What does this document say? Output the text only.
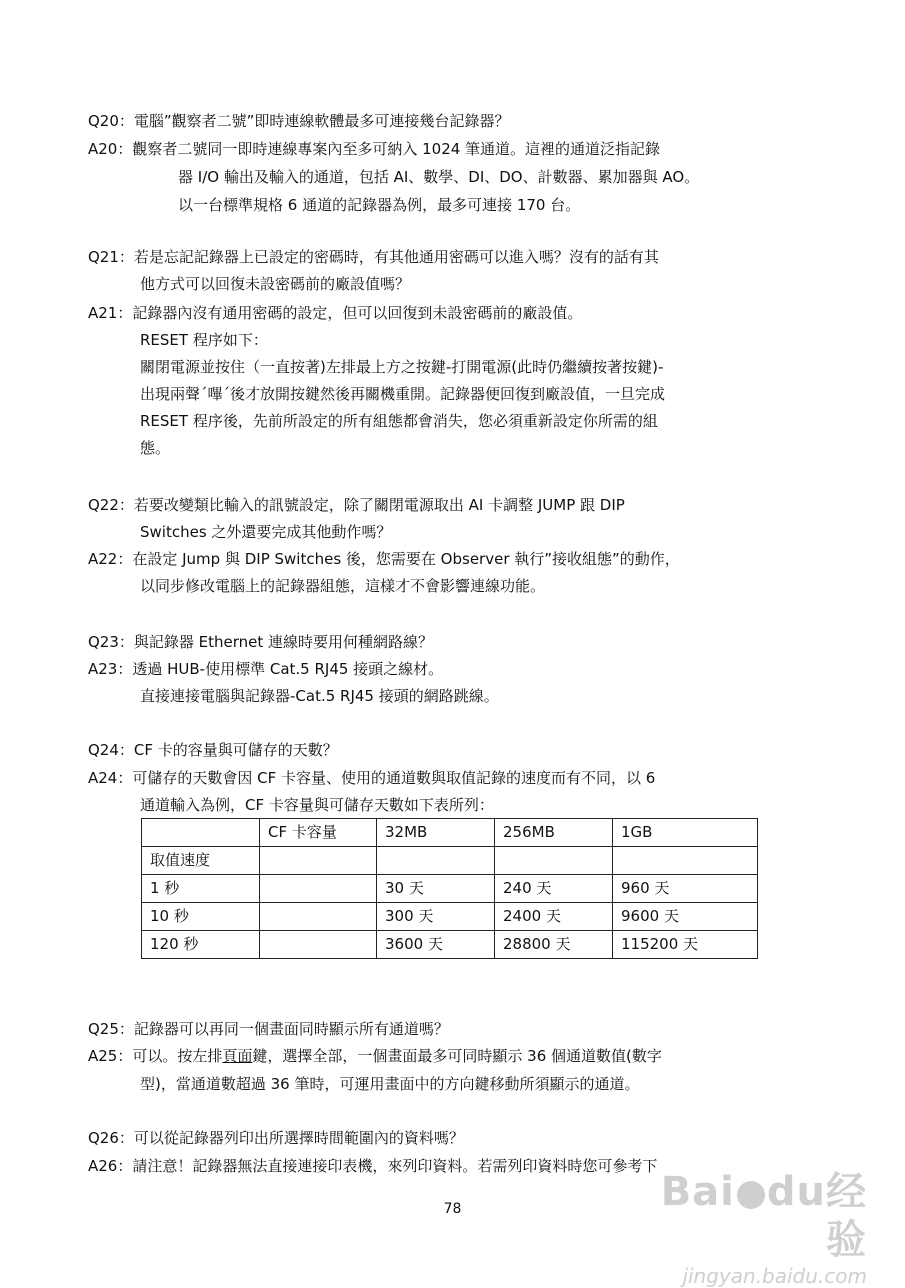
Q20：電腦”觀察者二號”即時連線軟體最多可連接幾台記錄器？
A20：觀察者二號同一即時連線專案內至多可納入 1024 筆通道。這裡的通道泛指記錄
器 I/O 輸出及輸入的通道，包括 AI、數學、DI、DO、計數器、累加器與 AO。
以一台標準規格 6 通道的記錄器為例，最多可連接 170 台。
Q21：若是忘記記錄器上已設定的密碼時，有其他通用密碼可以進入嗎？沒有的話有其
他方式可以回復未設密碼前的廠設值嗎？
A21：記錄器內沒有通用密碼的設定，但可以回復到未設密碼前的廠設值。
RESET 程序如下：
關閉電源並按住（一直按著)左排最上方之按鍵-打開電源(此時仍繼續按著按鍵)-
出現兩聲´嗶´後才放開按鍵然後再關機重開。記錄器便回復到廠設值，一旦完成
RESET 程序後，先前所設定的所有組態都會消失，您必須重新設定你所需的組
態。
Q22：若要改變類比輸入的訊號設定，除了關閉電源取出 AI 卡調整 JUMP 跟 DIP
Switches 之外還要完成其他動作嗎？
A22：在設定 Jump 與 DIP Switches 後，您需要在 Observer 執行”接收組態”的動作，
以同步修改電腦上的記錄器組態，這樣才不會影響連線功能。
Q23：與記錄器 Ethernet 連線時要用何種網路線？
A23：透過 HUB-使用標準 Cat.5 RJ45 接頭之線材。
直接連接電腦與記錄器-Cat.5 RJ45 接頭的網路跳線。
Q24：CF 卡的容量與可儲存的天數？
A24：可儲存的天數會因 CF 卡容量、使用的通道數與取值記錄的速度而有不同，以 6
通道輸入為例，CF 卡容量與可儲存天數如下表所列：
	CF 卡容量	32MB	256MB	1GB
取值速度				
1 秒		30 天	240 天	960 天
10 秒		300 天	2400 天	9600 天
120 秒		3600 天	28800 天	115200 天
Q25：記錄器可以再同一個畫面同時顯示所有通道嗎？
A25：可以。按左排頁面鍵，選擇全部，一個畫面最多可同時顯示 36 個通道數值(數字
型)，當通道數超過 36 筆時，可運用畫面中的方向鍵移動所須顯示的通道。
Q26：可以從記錄器列印出所選擇時間範圍內的資料嗎？
A26：請注意！記錄器無法直接連接印表機，來列印資料。若需列印資料時您可參考下
78	Bai du经验
jingyan.baidu.com
